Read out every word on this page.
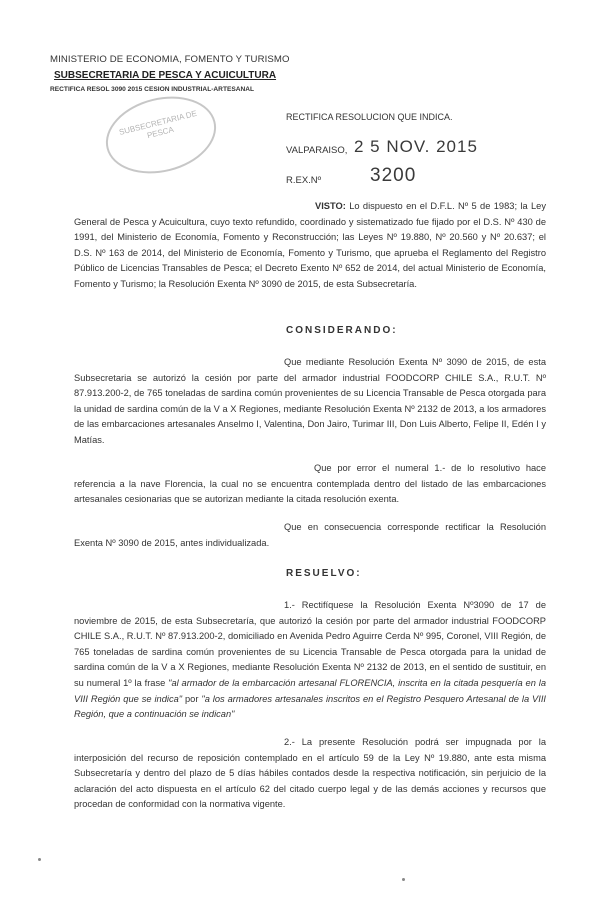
MINISTERIO DE ECONOMIA, FOMENTO Y TURISMO
SUBSECRETARIA DE PESCA Y ACUICULTURA
RECTIFICA RESOL 3090 2015 CESION INDUSTRIAL-ARTESANAL
SUBSECRETARIA DE PESCA
RECTIFICA RESOLUCION QUE INDICA.
VALPARAISO, 2 5 NOV. 2015
R.EX.Nº	3200
VISTO: Lo dispuesto en el D.F.L. Nº 5 de 1983; la Ley General de Pesca y Acuicultura, cuyo texto refundido, coordinado y sistematizado fue fijado por el D.S. Nº 430 de 1991, del Ministerio de Economía, Fomento y Reconstrucción; las Leyes Nº 19.880, Nº 20.560 y Nº 20.637; el D.S. Nº 163 de 2014, del Ministerio de Economía, Fomento y Turismo, que aprueba el Reglamento del Registro Público de Licencias Transables de Pesca; el Decreto Exento Nº 652 de 2014, del actual Ministerio de Economía, Fomento y Turismo; la Resolución Exenta Nº 3090 de 2015, de esta Subsecretaría.
CONSIDERANDO:
Que mediante Resolución Exenta Nº 3090 de 2015, de esta Subsecretaria se autorizó la cesión por parte del armador industrial FOODCORP CHILE S.A., R.U.T. Nº 87.913.200-2, de 765 toneladas de sardina común provenientes de su Licencia Transable de Pesca otorgada para la unidad de sardina común de la V a X Regiones, mediante Resolución Exenta Nº 2132 de 2013, a los armadores de las embarcaciones artesanales Anselmo I, Valentina, Don Jairo, Turimar III, Don Luis Alberto, Felipe II, Edén I y Matías.
Que por error el numeral 1.- de lo resolutivo hace referencia a la nave Florencia, la cual no se encuentra contemplada dentro del listado de las embarcaciones artesanales cesionarias que se autorizan mediante la citada resolución exenta.
Que en consecuencia corresponde rectificar la Resolución Exenta Nº 3090 de 2015, antes individualizada.
RESUELVO:
1.- Rectifíquese la Resolución Exenta Nº3090 de 17 de noviembre de 2015, de esta Subsecretaría, que autorizó la cesión por parte del armador industrial FOODCORP CHILE S.A., R.U.T. Nº 87.913.200-2, domiciliado en Avenida Pedro Aguirre Cerda Nº 995, Coronel, VIII Región, de 765 toneladas de sardina común provenientes de su Licencia Transable de Pesca otorgada para la unidad de sardina común de la V a X Regiones, mediante Resolución Exenta Nº 2132 de 2013, en el sentido de sustituir, en su numeral 1º la frase "al armador de la embarcación artesanal FLORENCIA, inscrita en la citada pesquería en la VIII Región que se indica" por "a los armadores artesanales inscritos en el Registro Pesquero Artesanal de la VIII Región, que a continuación se indican"
2.- La presente Resolución podrá ser impugnada por la interposición del recurso de reposición contemplado en el artículo 59 de la Ley Nº 19.880, ante esta misma Subsecretaría y dentro del plazo de 5 días hábiles contados desde la respectiva notificación, sin perjuicio de la aclaración del acto dispuesta en el artículo 62 del citado cuerpo legal y de las demás acciones y recursos que procedan de conformidad con la normativa vigente.
